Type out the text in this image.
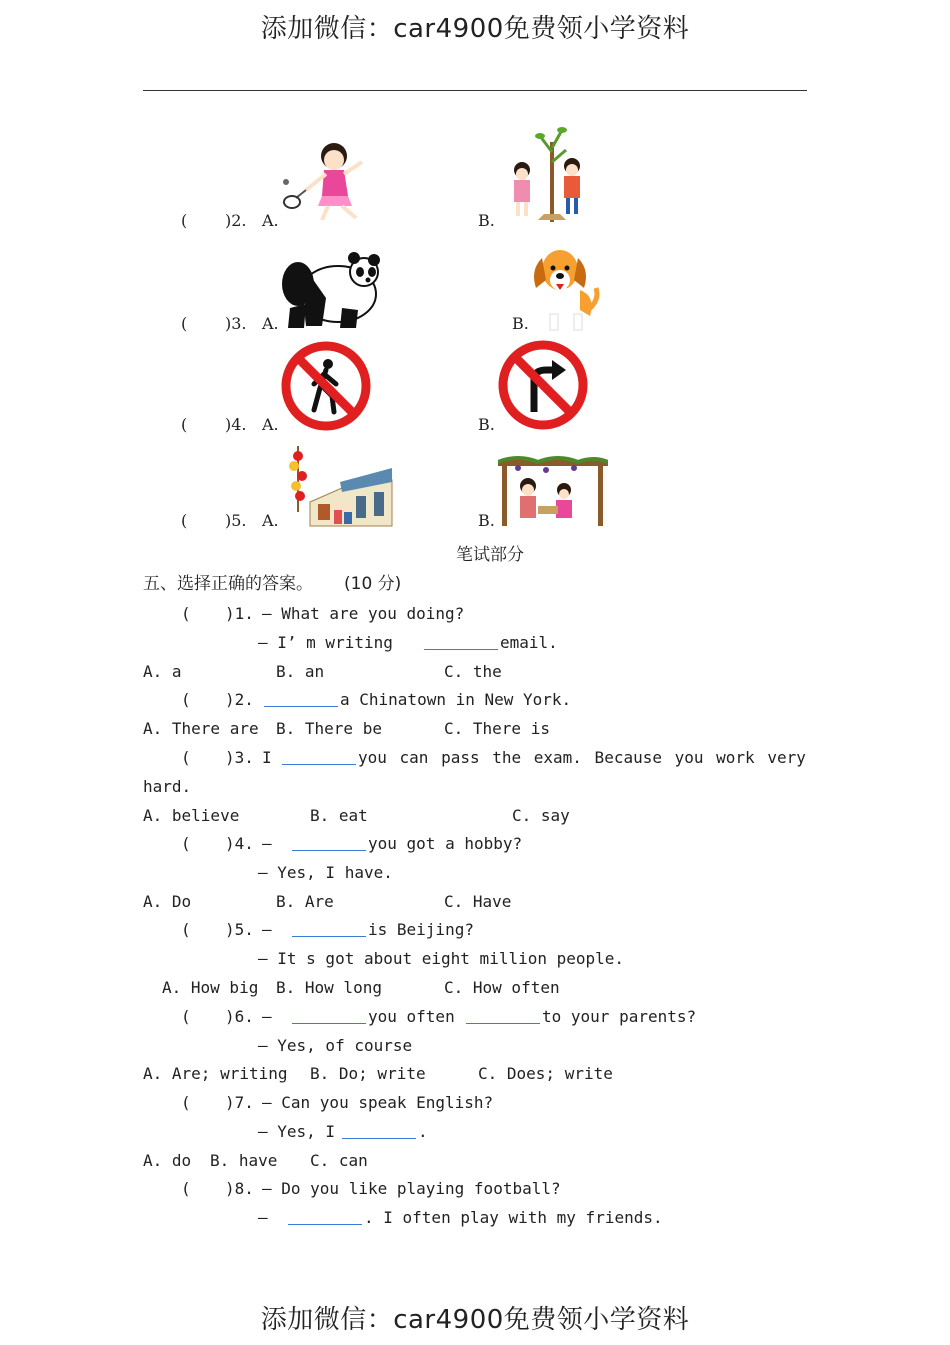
添加微信：car4900免费领小学资料
( )2. A.	B.
( )3. A.	B.
( )4. A.	B.
( )5. A.	B.
笔试部分
五、选择正确的答案。 (10 分)
( )1. — What are you doing?
— I’ m writing	email.
A. a	B. an	C. the
( )2.	a Chinatown in New York.
A. There are B. There be	C. There is
( )3. I	you can pass the exam. Because you work very
hard.
A. believe	B. eat	C. say
( )4. —	you got a hobby?
— Yes, I have.
A. Do	B. Are	C. Have
( )5. —	is Beijing?
— It s got about eight million people.
A. How big B. How long	C. How often
( )6. —	you often	to your parents?
— Yes, of course
A. Are; writing B. Do; write	C. Does; write
( )7. — Can you speak English?
— Yes, I	.
A. do B. have C. can
( )8. — Do you like playing football?
—	. I often play with my friends.
添加微信：car4900免费领小学资料
